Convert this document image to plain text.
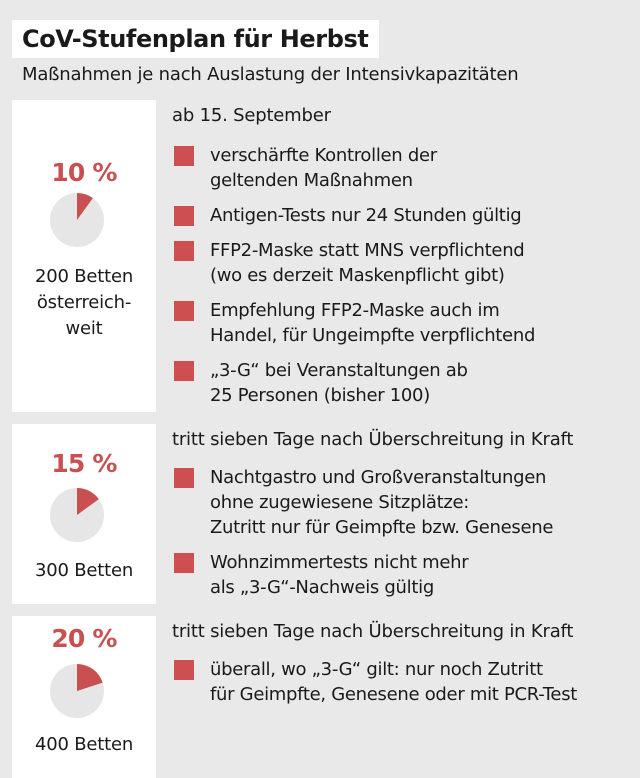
CoV-Stufenplan für Herbst
Maßnahmen je nach Auslastung der Intensivkapazitäten
10 %
200 Betten
österreich-
weit
ab 15. September
verschärfte Kontrollen der
geltenden Maßnahmen
Antigen-Tests nur 24 Stunden gültig
FFP2-Maske statt MNS verpflichtend
(wo es derzeit Maskenpflicht gibt)
Empfehlung FFP2-Maske auch im
Handel, für Ungeimpfte verpflichtend
„3-G“ bei Veranstaltungen ab
25 Personen (bisher 100)
15 %
300 Betten
tritt sieben Tage nach Überschreitung in Kraft
Nachtgastro und Großveranstaltungen
ohne zugewiesene Sitzplätze:
Zutritt nur für Geimpfte bzw. Genesene
Wohnzimmertests nicht mehr
als „3-G“-Nachweis gültig
20 %
400 Betten
tritt sieben Tage nach Überschreitung in Kraft
überall, wo „3-G“ gilt: nur noch Zutritt
für Geimpfte, Genesene oder mit PCR-Test
